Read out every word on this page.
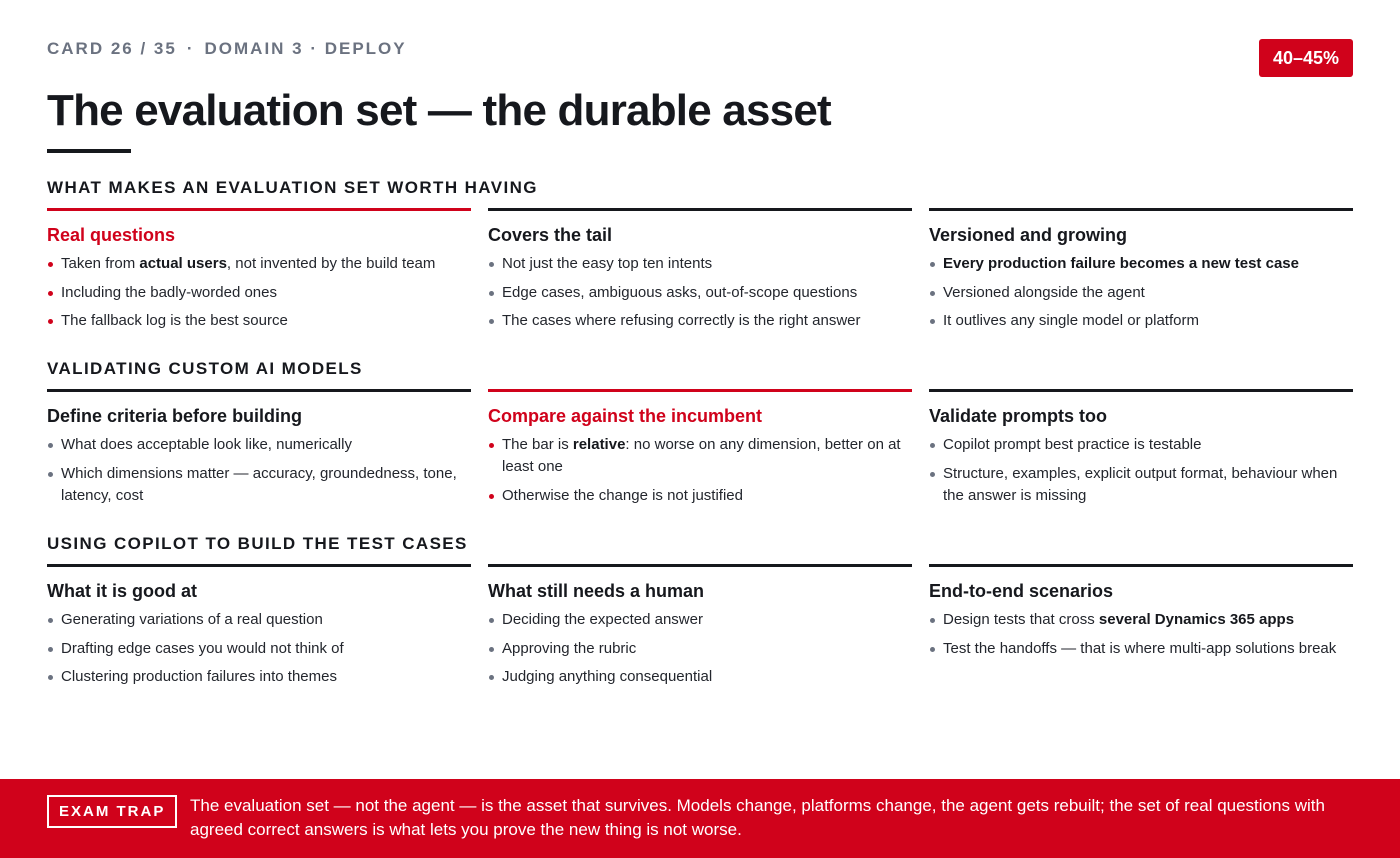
CARD 26 / 35 · DOMAIN 3 · DEPLOY	40–45%
The evaluation set — the durable asset
WHAT MAKES AN EVALUATION SET WORTH HAVING
Real questions
Taken from actual users, not invented by the build team
Including the badly-worded ones
The fallback log is the best source
Covers the tail
Not just the easy top ten intents
Edge cases, ambiguous asks, out-of-scope questions
The cases where refusing correctly is the right answer
Versioned and growing
Every production failure becomes a new test case
Versioned alongside the agent
It outlives any single model or platform
VALIDATING CUSTOM AI MODELS
Define criteria before building
What does acceptable look like, numerically
Which dimensions matter — accuracy, groundedness, tone, latency, cost
Compare against the incumbent
The bar is relative: no worse on any dimension, better on at least one
Otherwise the change is not justified
Validate prompts too
Copilot prompt best practice is testable
Structure, examples, explicit output format, behaviour when the answer is missing
USING COPILOT TO BUILD THE TEST CASES
What it is good at
Generating variations of a real question
Drafting edge cases you would not think of
Clustering production failures into themes
What still needs a human
Deciding the expected answer
Approving the rubric
Judging anything consequential
End-to-end scenarios
Design tests that cross several Dynamics 365 apps
Test the handoffs — that is where multi-app solutions break
EXAM TRAP	The evaluation set — not the agent — is the asset that survives. Models change, platforms change, the agent gets rebuilt; the set of real questions with agreed correct answers is what lets you prove the new thing is not worse.
